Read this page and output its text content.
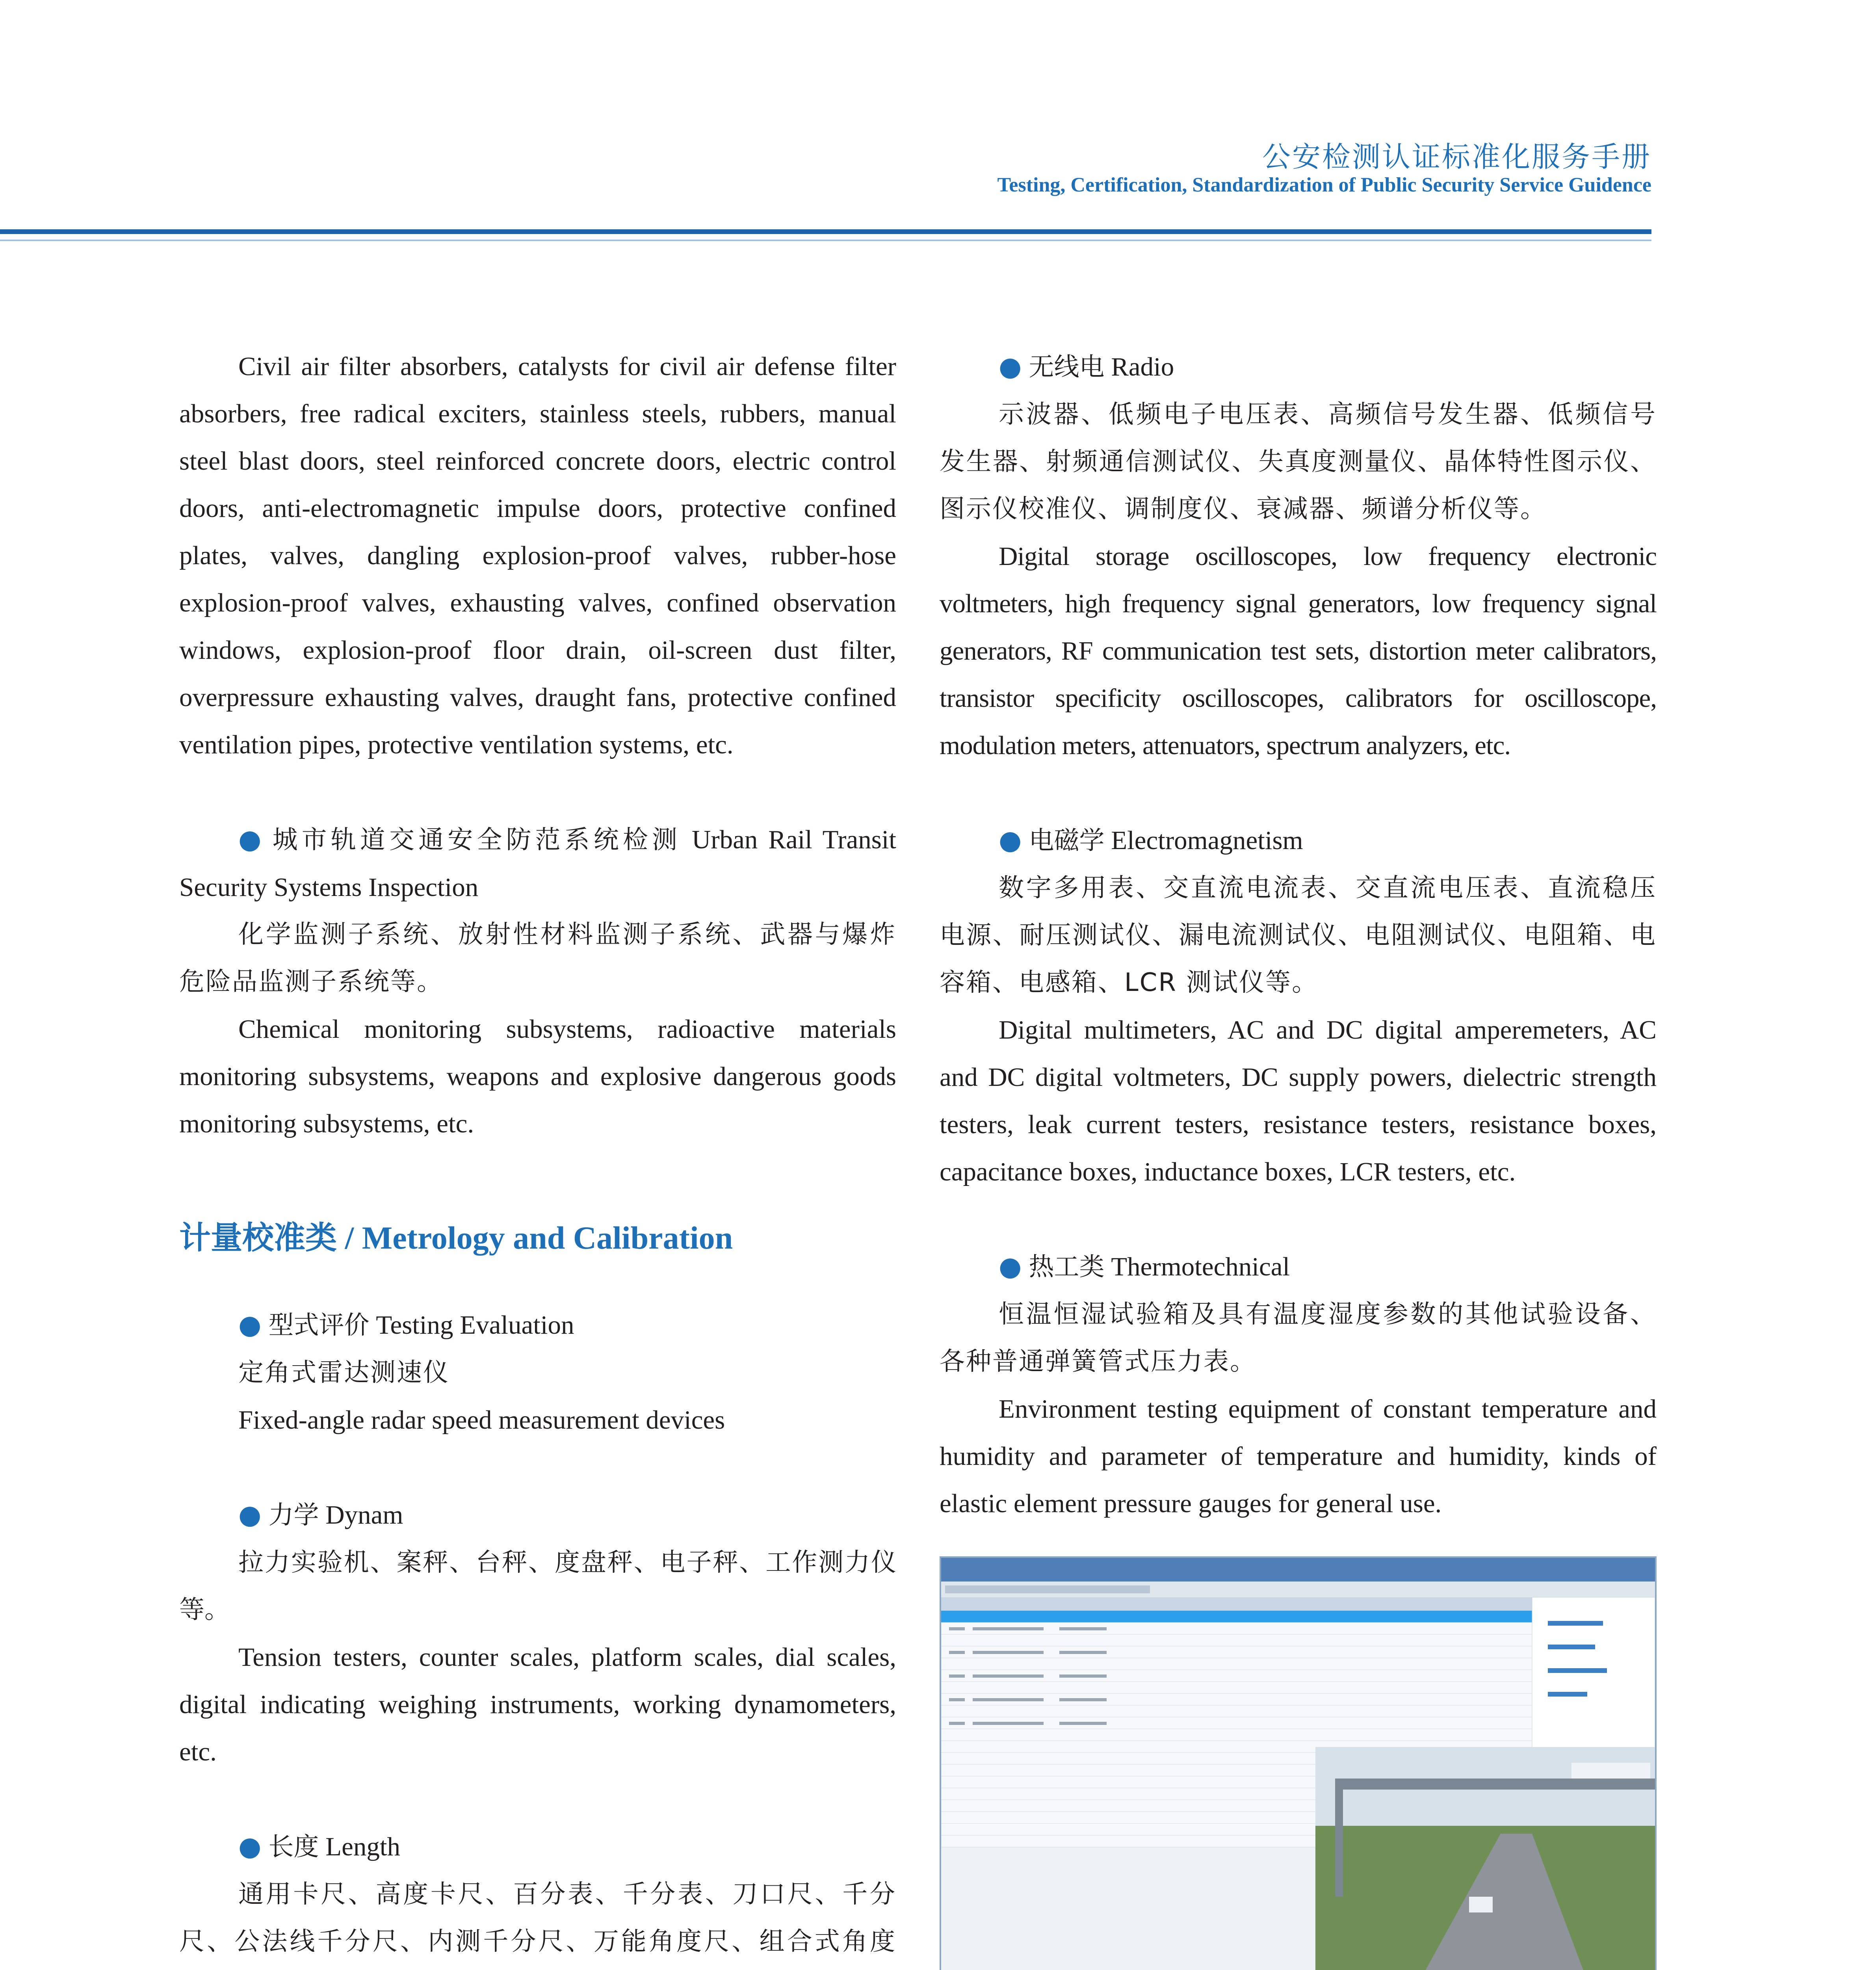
公安检测认证标准化服务手册
Testing, Certification, Standardization of Public Security Service Guidence

Civil air filter absorbers, catalysts for civil air defense filter absorbers, free radical exciters, stainless steels, rubbers, manual steel blast doors, steel reinforced concrete doors, electric control doors, anti-electromagnetic impulse doors, protective confined plates, valves, dangling explosion-proof valves, rubber-hose explosion-proof valves, exhausting valves, confined observation windows, explosion-proof floor drain, oil-screen dust filter, overpressure exhausting valves, draught fans, protective confined ventilation pipes, protective ventilation systems, etc.

● 城市轨道交通安全防范系统检测 Urban Rail Transit Security Systems Inspection

化学监测子系统、放射性材料监测子系统、武器与爆炸危险品监测子系统等。

Chemical monitoring subsystems, radioactive materials monitoring subsystems, weapons and explosive dangerous goods monitoring subsystems, etc.

计量校准类 / Metrology and Calibration

● 型式评价 Testing Evaluation

定角式雷达测速仪

Fixed-angle radar speed measurement devices

● 力学 Dynam

拉力实验机、案秤、台秤、度盘秤、电子秤、工作测力仪等。

Tension testers, counter scales, platform scales, dial scales, digital indicating weighing instruments, working dynamometers, etc.

● 长度 Length

通用卡尺、高度卡尺、百分表、千分表、刀口尺、千分尺、公法线千分尺、内测千分尺、万能角度尺、组合式角度

● 无线电 Radio

示波器、低频电子电压表、高频信号发生器、低频信号发生器、射频通信测试仪、失真度测量仪、晶体特性图示仪、图示仪校准仪、调制度仪、衰减器、频谱分析仪等。

Digital storage oscilloscopes, low frequency electronic voltmeters, high frequency signal generators, low frequency signal generators, RF communication test sets, distortion meter calibrators, transistor specificity oscilloscopes, calibrators for oscilloscope, modulation meters, attenuators, spectrum analyzers, etc.

● 电磁学 Electromagnetism

数字多用表、交直流电流表、交直流电压表、直流稳压电源、耐压测试仪、漏电流测试仪、电阻测试仪、电阻箱、电容箱、电感箱、LCR 测试仪等。

Digital multimeters, AC and DC digital amperemeters, AC and DC digital voltmeters, DC supply powers, dielectric strength testers, leak current testers, resistance testers, resistance boxes, capacitance boxes, inductance boxes, LCR testers, etc.

● 热工类 Thermotechnical

恒温恒湿试验箱及具有温度湿度参数的其他试验设备、各种普通弹簧管式压力表。

Environment testing equipment of constant temperature and humidity and parameter of temperature and humidity, kinds of elastic element pressure gauges for general use.
